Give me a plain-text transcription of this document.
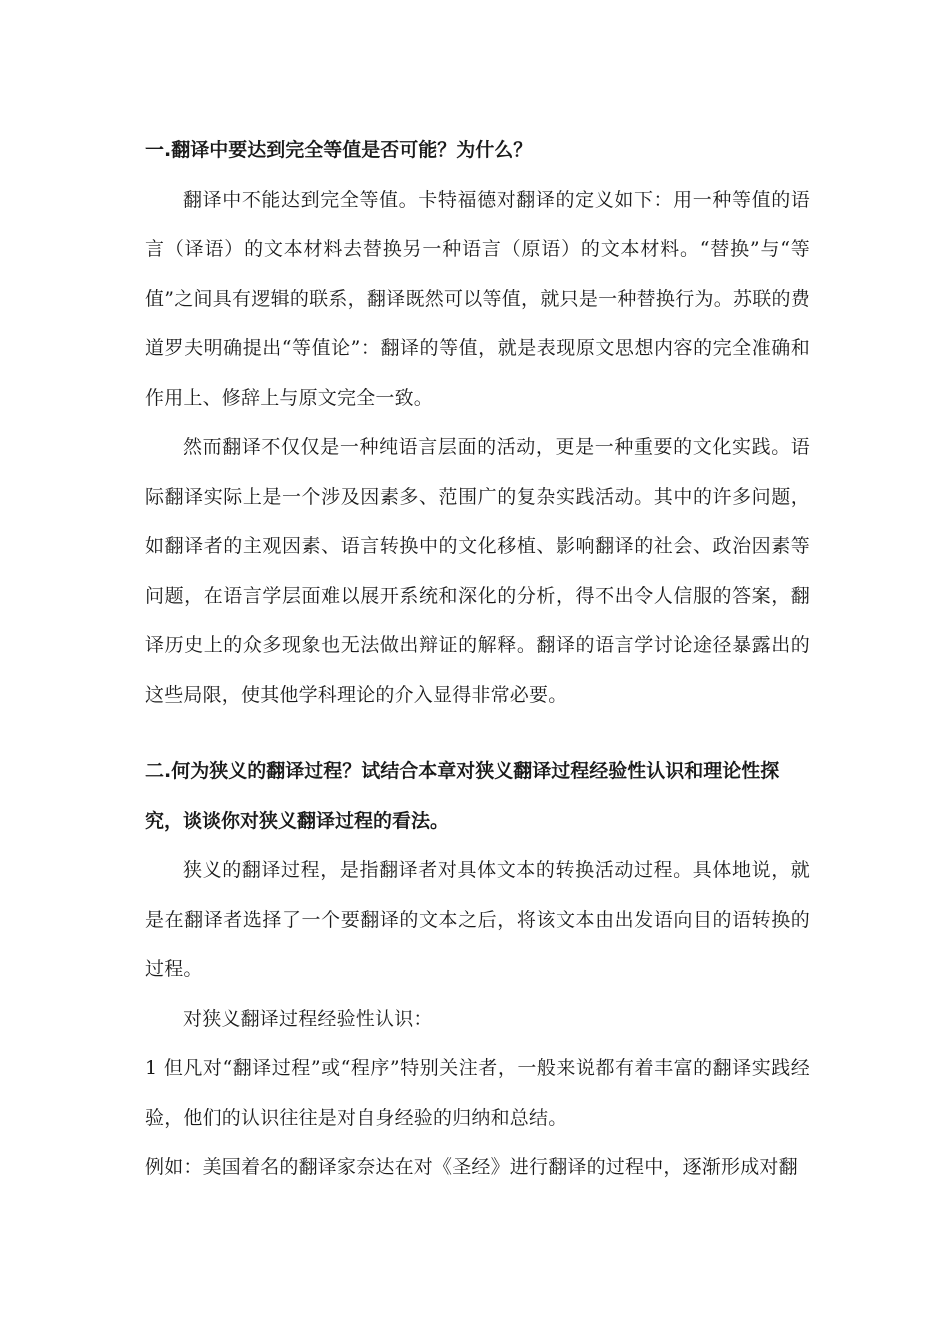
一.翻译中要达到完全等值是否可能？为什么？

翻译中不能达到完全等值。卡特福德对翻译的定义如下：用一种等值的语言（译语）的文本材料去替换另一种语言（原语）的文本材料。“替换”与“等值”之间具有逻辑的联系，翻译既然可以等值，就只是一种替换行为。苏联的费道罗夫明确提出“等值论”：翻译的等值，就是表现原文思想内容的完全准确和作用上、修辞上与原文完全一致。

然而翻译不仅仅是一种纯语言层面的活动，更是一种重要的文化实践。语际翻译实际上是一个涉及因素多、范围广的复杂实践活动。其中的许多问题，如翻译者的主观因素、语言转换中的文化移植、影响翻译的社会、政治因素等问题，在语言学层面难以展开系统和深化的分析，得不出令人信服的答案，翻译历史上的众多现象也无法做出辩证的解释。翻译的语言学讨论途径暴露出的这些局限，使其他学科理论的介入显得非常必要。

二.何为狭义的翻译过程？试结合本章对狭义翻译过程经验性认识和理论性探究，谈谈你对狭义翻译过程的看法。

狭义的翻译过程，是指翻译者对具体文本的转换活动过程。具体地说，就是在翻译者选择了一个要翻译的文本之后，将该文本由出发语向目的语转换的过程。

对狭义翻译过程经验性认识：

1 但凡对“翻译过程”或“程序”特别关注者，一般来说都有着丰富的翻译实践经验，他们的认识往往是对自身经验的归纳和总结。

例如：美国着名的翻译家奈达在对《圣经》进行翻译的过程中，逐渐形成对翻
